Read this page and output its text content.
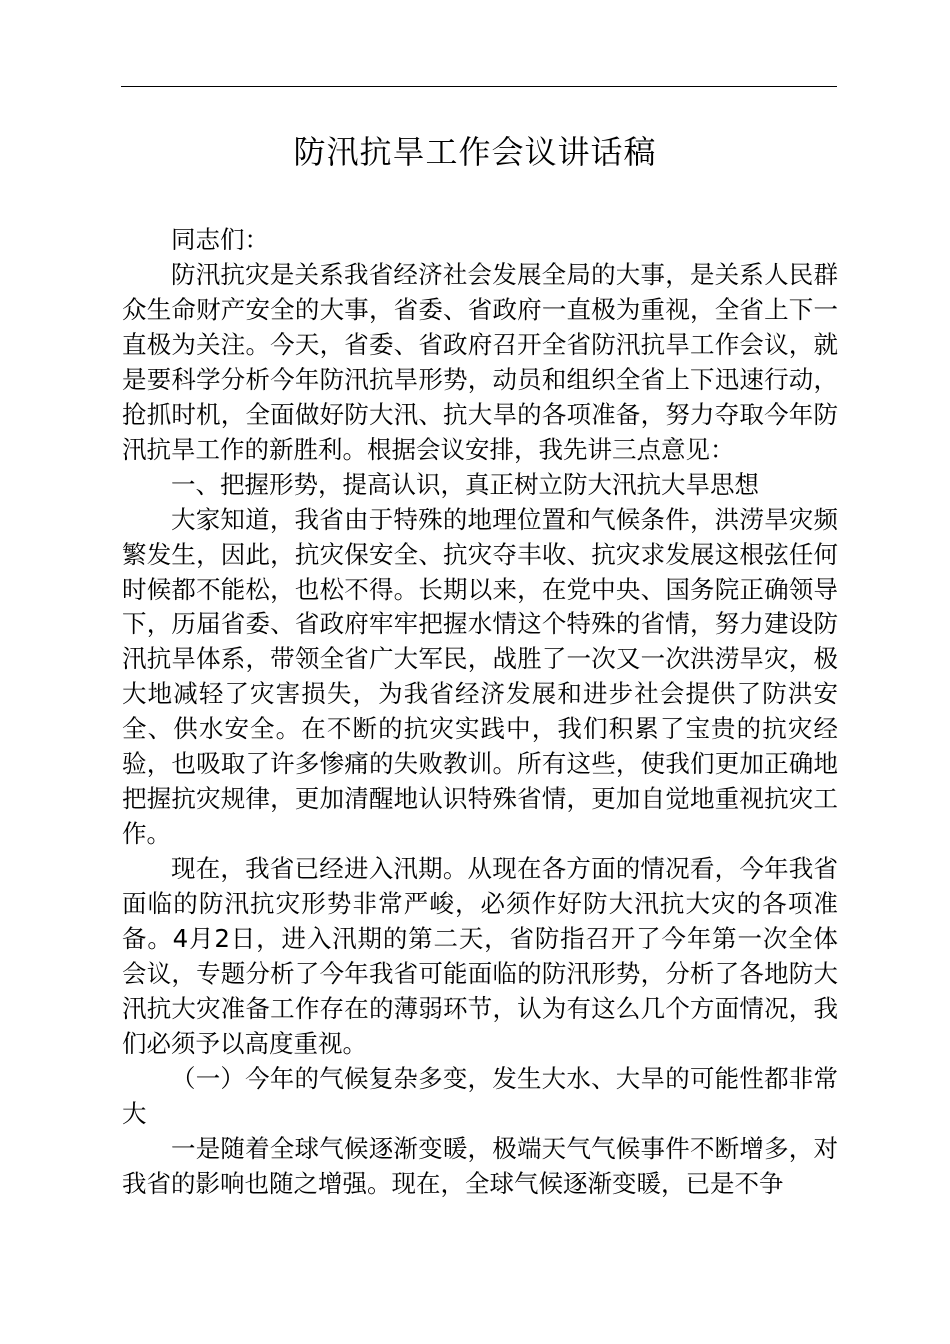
防汛抗旱工作会议讲话稿

同志们：

防汛抗灾是关系我省经济社会发展全局的大事，是关系人民群众生命财产安全的大事，省委、省政府一直极为重视，全省上下一直极为关注。今天，省委、省政府召开全省防汛抗旱工作会议，就是要科学分析今年防汛抗旱形势，动员和组织全省上下迅速行动，抢抓时机，全面做好防大汛、抗大旱的各项准备，努力夺取今年防汛抗旱工作的新胜利。根据会议安排，我先讲三点意见：

一、把握形势，提高认识，真正树立防大汛抗大旱思想

大家知道，我省由于特殊的地理位置和气候条件，洪涝旱灾频繁发生，因此，抗灾保安全、抗灾夺丰收、抗灾求发展这根弦任何时候都不能松，也松不得。长期以来，在党中央、国务院正确领导下，历届省委、省政府牢牢把握水情这个特殊的省情，努力建设防汛抗旱体系，带领全省广大军民，战胜了一次又一次洪涝旱灾，极大地减轻了灾害损失，为我省经济发展和进步社会提供了防洪安全、供水安全。在不断的抗灾实践中，我们积累了宝贵的抗灾经验，也吸取了许多惨痛的失败教训。所有这些，使我们更加正确地把握抗灾规律，更加清醒地认识特殊省情，更加自觉地重视抗灾工作。

现在，我省已经进入汛期。从现在各方面的情况看，今年我省面临的防汛抗灾形势非常严峻，必须作好防大汛抗大灾的各项准备。4月2日，进入汛期的第二天，省防指召开了今年第一次全体会议，专题分析了今年我省可能面临的防汛形势，分析了各地防大汛抗大灾准备工作存在的薄弱环节，认为有这么几个方面情况，我们必须予以高度重视。

（一）今年的气候复杂多变，发生大水、大旱的可能性都非常大

一是随着全球气候逐渐变暖，极端天气气候事件不断增多，对我省的影响也随之增强。现在，全球气候逐渐变暖，已是不争
